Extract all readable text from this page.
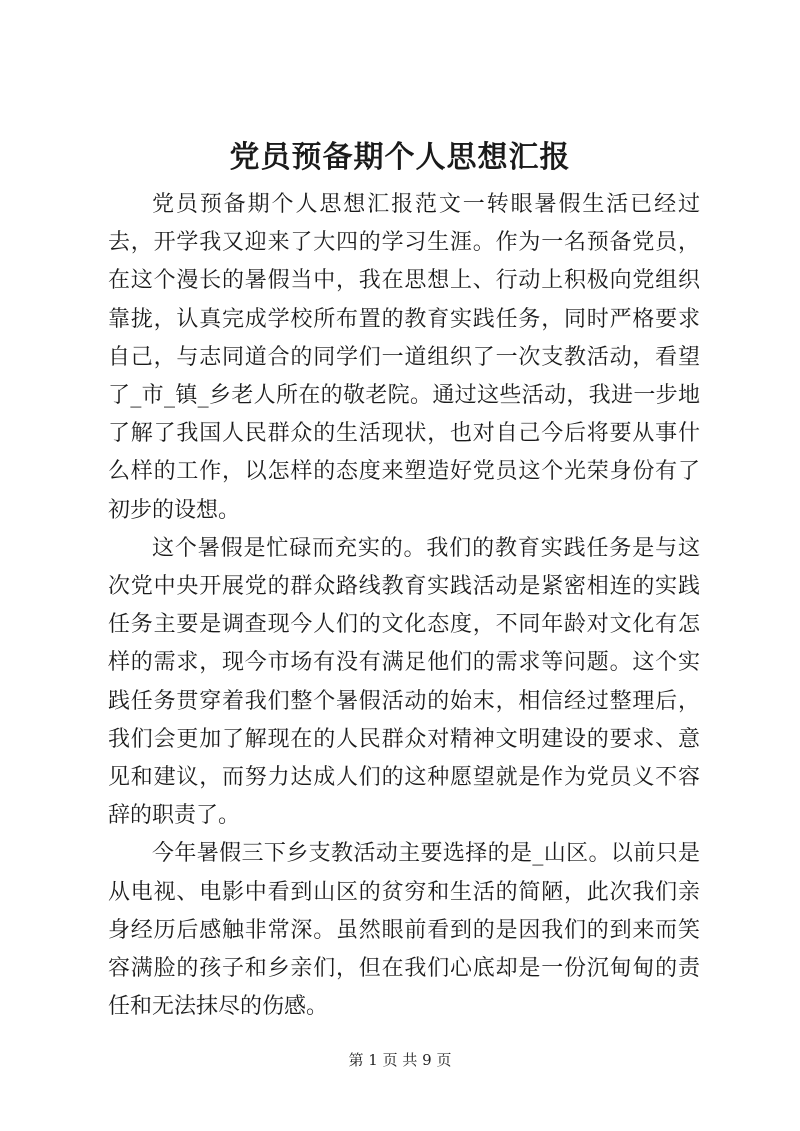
党员预备期个人思想汇报

党员预备期个人思想汇报范文一转眼暑假生活已经过去，开学我又迎来了大四的学习生涯。作为一名预备党员，在这个漫长的暑假当中，我在思想上、行动上积极向党组织靠拢，认真完成学校所布置的教育实践任务，同时严格要求自己，与志同道合的同学们一道组织了一次支教活动，看望了_市_镇_乡老人所在的敬老院。通过这些活动，我进一步地了解了我国人民群众的生活现状，也对自己今后将要从事什么样的工作，以怎样的态度来塑造好党员这个光荣身份有了初步的设想。

这个暑假是忙碌而充实的。我们的教育实践任务是与这次党中央开展党的群众路线教育实践活动是紧密相连的实践任务主要是调查现今人们的文化态度，不同年龄对文化有怎样的需求，现今市场有没有满足他们的需求等问题。这个实践任务贯穿着我们整个暑假活动的始末，相信经过整理后，我们会更加了解现在的人民群众对精神文明建设的要求、意见和建议，而努力达成人们的这种愿望就是作为党员义不容辞的职责了。

今年暑假三下乡支教活动主要选择的是_山区。以前只是从电视、电影中看到山区的贫穷和生活的简陋，此次我们亲身经历后感触非常深。虽然眼前看到的是因我们的到来而笑容满脸的孩子和乡亲们，但在我们心底却是一份沉甸甸的责任和无法抹尽的伤感。

第 1 页 共 9 页
